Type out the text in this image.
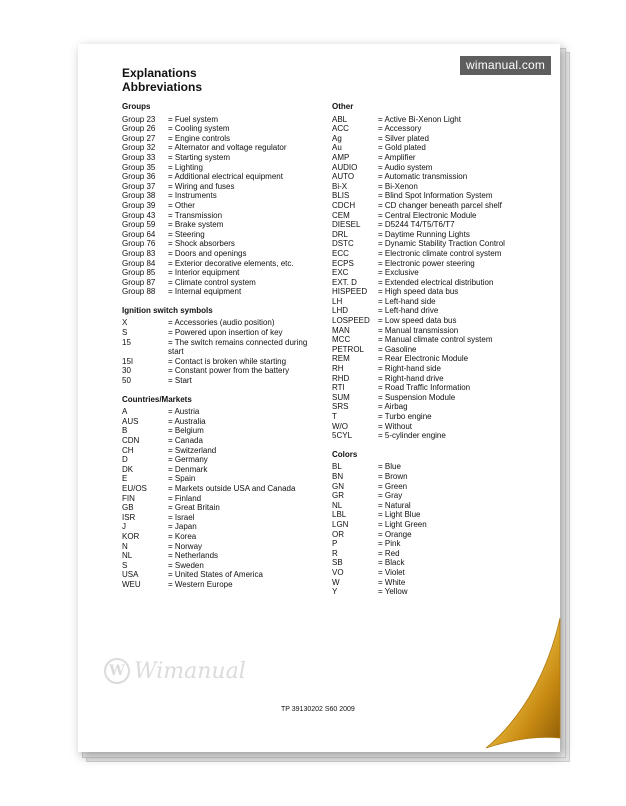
Explanations
Abbreviations
Groups
Group 23	= Fuel system
Group 26	= Cooling system
Group 27	= Engine controls
Group 32	= Alternator and voltage regulator
Group 33	= Starting system
Group 35	= Lighting
Group 36	= Additional electrical equipment
Group 37	= Wiring and fuses
Group 38	= Instruments
Group 39	= Other
Group 43	= Transmission
Group 59	= Brake system
Group 64	= Steering
Group 76	= Shock absorbers
Group 83	= Doors and openings
Group 84	= Exterior decorative elements, etc.
Group 85	= Interior equipment
Group 87	= Climate control system
Group 88	= Internal equipment
Ignition switch symbols
X	= Accessories (audio position)
S	= Powered upon insertion of key
15	= The switch remains connected during start
15I	= Contact is broken while starting
30	= Constant power from the battery
50	= Start
Countries/Markets
A	= Austria
AUS	= Australia
B	= Belgium
CDN	= Canada
CH	= Switzerland
D	= Germany
DK	= Denmark
E	= Spain
EU/OS	= Markets outside USA and Canada
FIN	= Finland
GB	= Great Britain
ISR	= Israel
J	= Japan
KOR	= Korea
N	= Norway
NL	= Netherlands
S	= Sweden
USA	= United States of America
WEU	= Western Europe
Other
ABL	= Active Bi-Xenon Light
ACC	= Accessory
Ag	= Silver plated
Au	= Gold plated
AMP	= Amplifier
AUDIO	= Audio system
AUTO	= Automatic transmission
Bi-X	= Bi-Xenon
BLIS	= Blind Spot Information System
CDCH	= CD changer beneath parcel shelf
CEM	= Central Electronic Module
DIESEL	= D5244 T4/T5/T6/T7
DRL	= Daytime Running Lights
DSTC	= Dynamic Stability Traction Control
ECC	= Electronic climate control system
ECPS	= Electronic power steering
EXC	= Exclusive
EXT. D	= Extended electrical distribution
HISPEED	= High speed data bus
LH	= Left-hand side
LHD	= Left-hand drive
LOSPEED	= Low speed data bus
MAN	= Manual transmission
MCC	= Manual climate control system
PETROL	= Gasoline
REM	= Rear Electronic Module
RH	= Right-hand side
RHD	= Right-hand drive
RTI	= Road Traffic Information
SUM	= Suspension Module
SRS	= Airbag
T	= Turbo engine
W/O	= Without
5CYL	= 5-cylinder engine
Colors
BL	= Blue
BN	= Brown
GN	= Green
GR	= Gray
NL	= Natural
LBL	= Light Blue
LGN	= Light Green
OR	= Orange
P	= Pink
R	= Red
SB	= Black
VO	= Violet
W	= White
Y	= Yellow
W Wimanual
TP 39130202 S60 2009
wimanual.com
